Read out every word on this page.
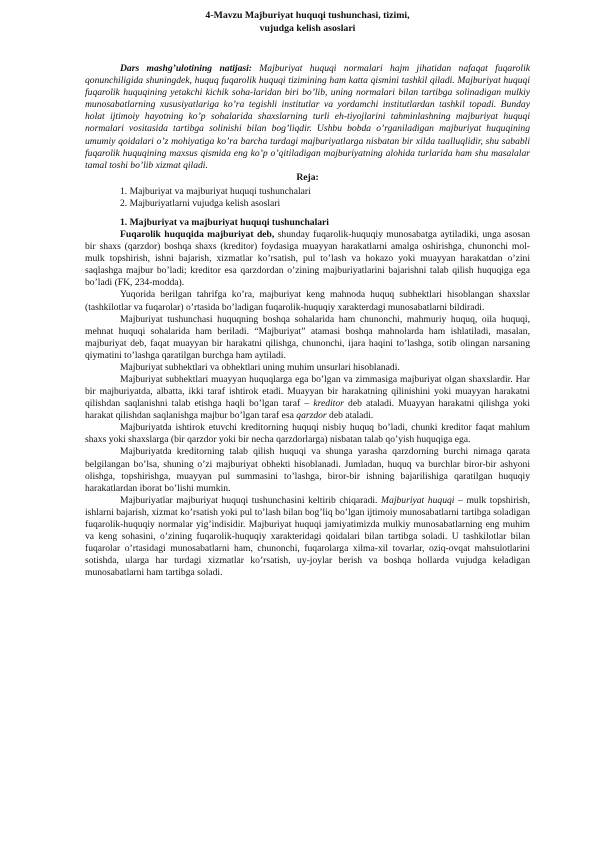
4-Mavzu Majburiyat huquqi tushunchasi, tizimi,
vujudga kelish asoslari

Dars mashg’ulotining natijasi: Majburiyat huquqi normalari hajm jihatidan nafaqat fuqarolik qonunchiligida shuningdek, huquq fuqarolik huquqi tizimining ham katta qismini tashkil qiladi. Majburiyat huquqi fuqarolik huquqining yetakchi kichik soha-laridan biri bo’lib, uning normalari bilan tartibga solinadigan mulkiy munosabatlarning xususiyatlariga ko’ra tegishli institutlar va yordamchi institutlardan tashkil topadi. Bunday holat ijtimoiy hayotning ko’p sohalarida shaxslarning turli eh-tiyojlarini tahminlashning majburiyat huquqi normalari vositasida tartibga solinishi bilan bog’liqdir. Ushbu bobda o’rganiladigan majburiyat huquqining umumiy qoidalari o’z mohiyatiga ko’ra barcha turdagi majburiyatlarga nisbatan bir xilda taalluqlidir, shu sababli fuqarolik huquqining maxsus qismida eng ko’p o’qitiladigan majburiyatning alohida turlarida ham shu masalalar tamal toshi bo’lib xizmat qiladi.

Reja:
1. Majburiyat va majburiyat huquqi tushunchalari
2. Majburiyatlarni vujudga kelish asoslari
1. Majburiyat va majburiyat huquqi tushunchalari

Fuqarolik huquqida majburiyat deb, shunday fuqarolik-huquqiy munosabatga aytiladiki, unga asosan bir shaxs (qarzdor) boshqa shaxs (kreditor) foydasiga muayyan harakatlarni amalga oshirishga, chunonchi mol-mulk topshirish, ishni bajarish, xizmatlar ko’rsatish, pul to’lash va hokazo yoki muayyan harakatdan o’zini saqlashga majbur bo’ladi; kreditor esa qarzdordan o’zining majburiyatlarini bajarishni talab qilish huquqiga ega bo’ladi (FK, 234-modda).

Yuqorida berilgan tahrifga ko’ra, majburiyat keng mahnoda huquq subhektlari hisoblangan shaxslar (tashkilotlar va fuqarolar) o’rtasida bo’ladigan fuqarolik-huquqiy xarakterdagi munosabatlarni bildiradi.

Majburiyat tushunchasi huquqning boshqa sohalarida ham chunonchi, mahmuriy huquq, oila huquqi, mehnat huquqi sohalarida ham beriladi. “Majburiyat” atamasi boshqa mahnolarda ham ishlatiladi, masalan, majburiyat deb, faqat muayyan bir harakatni qilishga, chunonchi, ijara haqini to’lashga, sotib olingan narsaning qiymatini to’lashga qaratilgan burchga ham aytiladi.

Majburiyat subhektlari va obhektlari uning muhim unsurlari hisoblanadi.

Majburiyat subhektlari muayyan huquqlarga ega bo’lgan va zimmasiga majburiyat olgan shaxslardir. Har bir majburiyatda, albatta, ikki taraf ishtirok etadi. Muayyan bir harakatning qilinishini yoki muayyan harakatni qilishdan saqlanishni talab etishga haqli bo’lgan taraf – kreditor deb ataladi. Muayyan harakatni qilishga yoki harakat qilishdan saqlanishga majbur bo’lgan taraf esa qarzdor deb ataladi.

Majburiyatda ishtirok etuvchi kreditorning huquqi nisbiy huquq bo’ladi, chunki kreditor faqat mahlum shaxs yoki shaxslarga (bir qarzdor yoki bir necha qarzdorlarga) nisbatan talab qo’yish huquqiga ega.

Majburiyatda kreditorning talab qilish huquqi va shunga yarasha qarzdorning burchi nimaga qarata belgilangan bo’lsa, shuning o’zi majburiyat obhekti hisoblanadi. Jumladan, huquq va burchlar biror-bir ashyoni olishga, topshirishga, muayyan pul summasini to’lashga, biror-bir ishning bajarilishiga qaratilgan huquqiy harakatlardan iborat bo’lishi mumkin.

Majburiyatlar majburiyat huquqi tushunchasini keltirib chiqaradi. Majburiyat huquqi – mulk topshirish, ishlarni bajarish, xizmat ko’rsatish yoki pul to’lash bilan bog’liq bo’lgan ijtimoiy munosabatlarni tartibga soladigan fuqarolik-huquqiy normalar yig’indisidir. Majburiyat huquqi jamiyatimizda mulkiy munosabatlarning eng muhim va keng sohasini, o’zining fuqarolik-huquqiy xarakteridagi qoidalari bilan tartibga soladi. U tashkilotlar bilan fuqarolar o’rtasidagi munosabatlarni ham, chunonchi, fuqarolarga xilma-xil tovarlar, oziq-ovqat mahsulotlarini sotishda, ularga har turdagi xizmatlar ko’rsatish, uy-joylar berish va boshqa hollarda vujudga keladigan munosabatlarni ham tartibga soladi.
